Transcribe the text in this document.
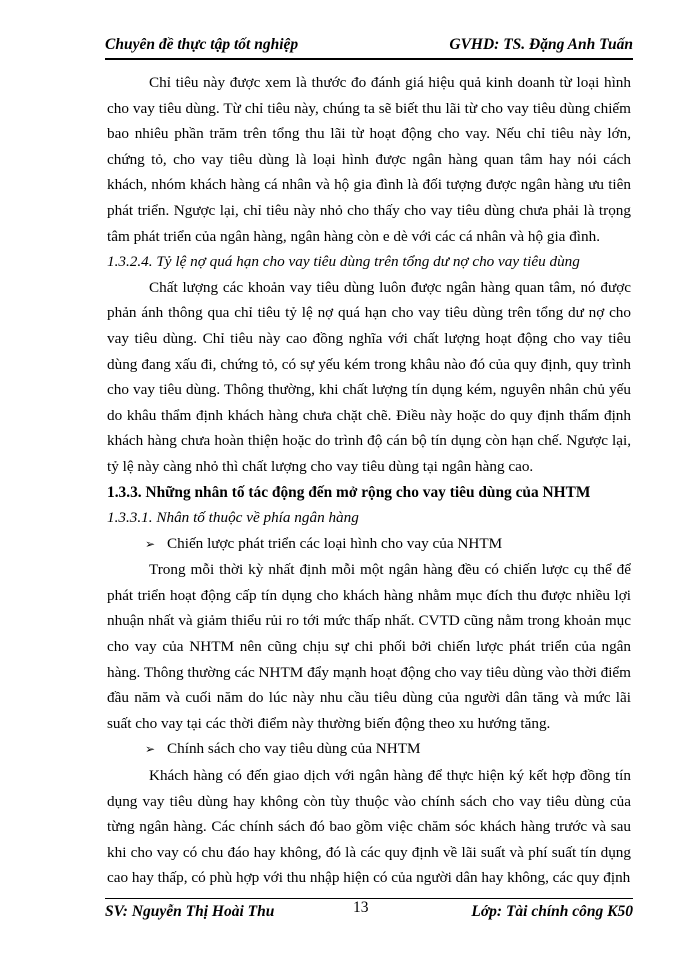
Chuyên đề thực tập tốt nghiệp	GVHD: TS. Đặng Anh Tuấn

Chỉ tiêu này được xem là thước đo đánh giá hiệu quả kinh doanh từ loại hình cho vay tiêu dùng. Từ chỉ tiêu này, chúng ta sẽ biết thu lãi từ cho vay tiêu dùng chiếm bao nhiêu phần trăm trên tổng thu lãi từ hoạt động cho vay. Nếu chỉ tiêu này lớn, chứng tỏ, cho vay tiêu dùng là loại hình được ngân hàng quan tâm hay nói cách khách, nhóm khách hàng cá nhân và hộ gia đình là đối tượng được ngân hàng ưu tiên phát triển. Ngược lại, chỉ tiêu này nhỏ cho thấy cho vay tiêu dùng chưa phải là trọng tâm phát triển của ngân hàng, ngân hàng còn e dè với các cá nhân và hộ gia đình.

1.3.2.4. Tỷ lệ nợ quá hạn cho vay tiêu dùng trên tổng dư nợ cho vay tiêu dùng

Chất lượng các khoản vay tiêu dùng luôn được ngân hàng quan tâm, nó được phản ánh thông qua chỉ tiêu tỷ lệ nợ quá hạn cho vay tiêu dùng trên tổng dư nợ cho vay tiêu dùng. Chỉ tiêu này cao đồng nghĩa với chất lượng hoạt động cho vay tiêu dùng đang xấu đi, chứng tỏ, có sự yếu kém trong khâu nào đó của quy định, quy trình cho vay tiêu dùng. Thông thường, khi chất lượng tín dụng kém, nguyên nhân chủ yếu do khâu thẩm định khách hàng chưa chặt chẽ. Điều này hoặc do quy định thẩm định khách hàng chưa hoàn thiện hoặc do trình độ cán bộ tín dụng còn hạn chế. Ngược lại, tỷ lệ này càng nhỏ thì chất lượng cho vay tiêu dùng tại ngân hàng cao.

1.3.3. Những nhân tố tác động đến mở rộng cho vay tiêu dùng của NHTM

1.3.3.1. Nhân tố thuộc về phía ngân hàng

➢ Chiến lược phát triển các loại hình cho vay của NHTM

Trong mỗi thời kỳ nhất định mỗi một ngân hàng đều có chiến lược cụ thể để phát triển hoạt động cấp tín dụng cho khách hàng nhằm mục đích thu được nhiều lợi nhuận nhất và giảm thiểu rủi ro tới mức thấp nhất. CVTD cũng nằm trong khoản mục cho vay của NHTM nên cũng chịu sự chi phối bởi chiến lược phát triển của ngân hàng. Thông thường các NHTM đẩy mạnh hoạt động cho vay tiêu dùng vào thời điểm đầu năm và cuối năm do lúc này nhu cầu tiêu dùng của người dân tăng và mức lãi suất cho vay tại các thời điểm này thường biến động theo xu hướng tăng.

➢ Chính sách cho vay tiêu dùng của NHTM

Khách hàng có đến giao dịch với ngân hàng để thực hiện ký kết hợp đồng tín dụng vay tiêu dùng hay không còn tùy thuộc vào chính sách cho vay tiêu dùng của từng ngân hàng. Các chính sách đó bao gồm việc chăm sóc khách hàng trước và sau khi cho vay có chu đáo hay không, đó là các quy định về lãi suất và phí suất tín dụng cao hay thấp, có phù hợp với thu nhập hiện có của người dân hay không, các quy định

SV: Nguyễn Thị Hoài Thu	13	Lớp: Tài chính công K50
